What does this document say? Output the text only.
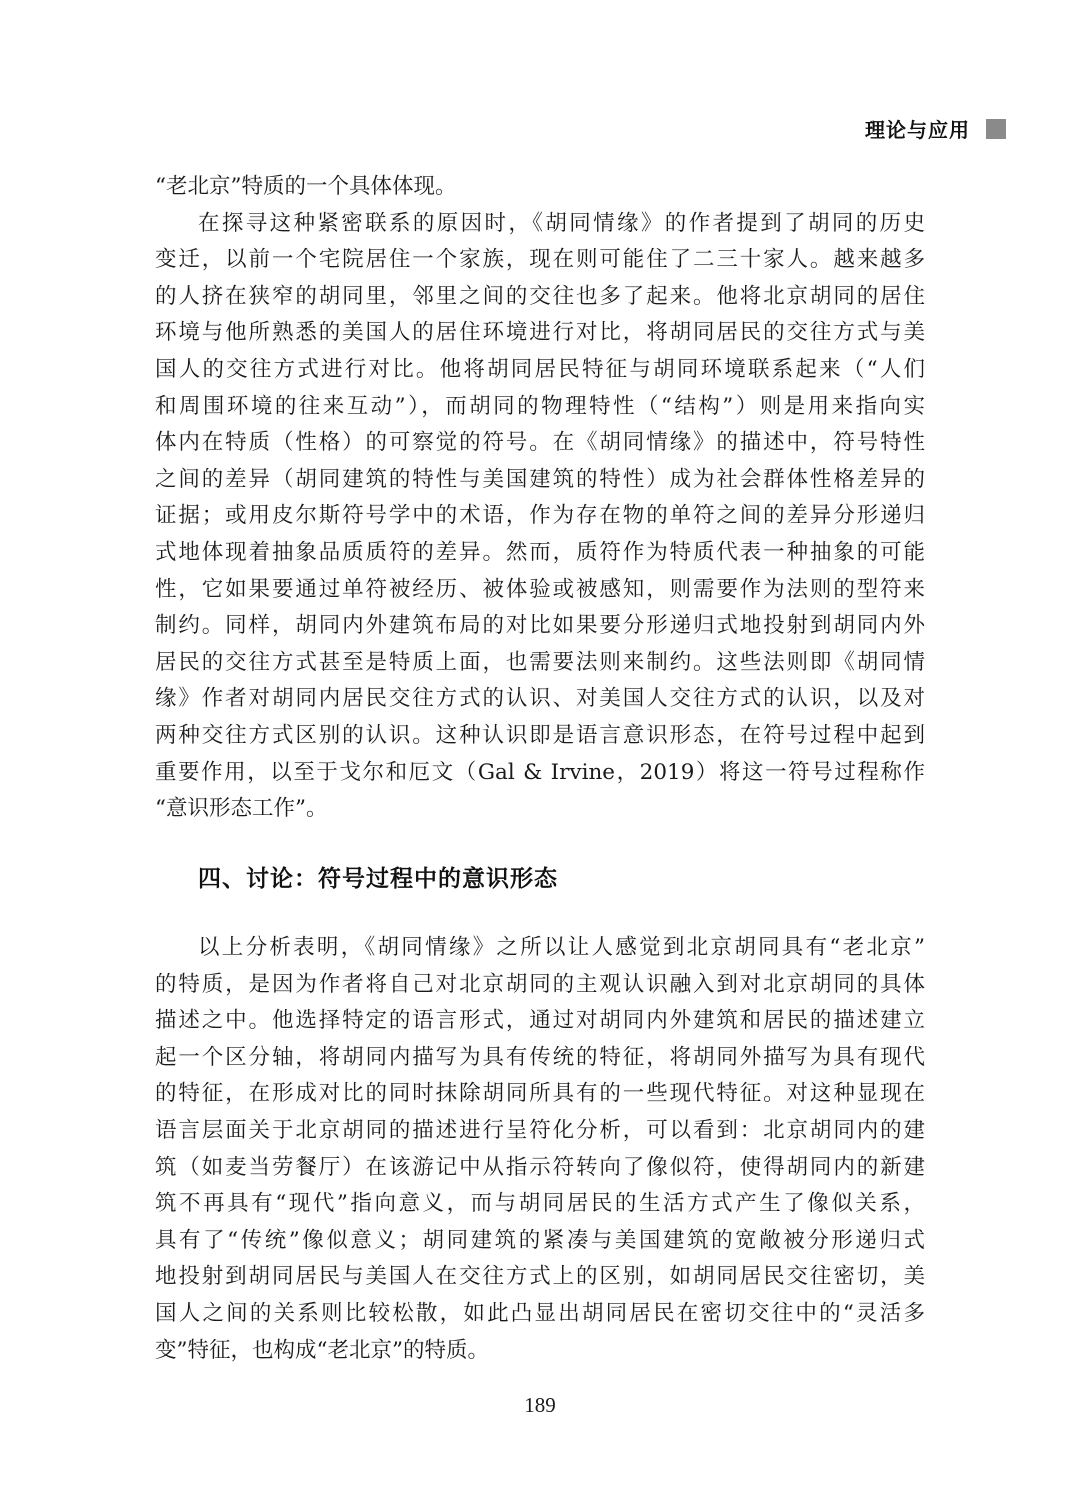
理论与应用
“老北京”特质的一个具体体现。
在探寻这种紧密联系的原因时，《胡同情缘》的作者提到了胡同的历史
变迁，以前一个宅院居住一个家族，现在则可能住了二三十家人。越来越多
的人挤在狭窄的胡同里，邻里之间的交往也多了起来。他将北京胡同的居住
环境与他所熟悉的美国人的居住环境进行对比，将胡同居民的交往方式与美
国人的交往方式进行对比。他将胡同居民特征与胡同环境联系起来（“人们
和周围环境的往来互动”），而胡同的物理特性（“结构”）则是用来指向实
体内在特质（性格）的可察觉的符号。在《胡同情缘》的描述中，符号特性
之间的差异（胡同建筑的特性与美国建筑的特性）成为社会群体性格差异的
证据；或用皮尔斯符号学中的术语，作为存在物的单符之间的差异分形递归
式地体现着抽象品质质符的差异。然而，质符作为特质代表一种抽象的可能
性，它如果要通过单符被经历、被体验或被感知，则需要作为法则的型符来
制约。同样，胡同内外建筑布局的对比如果要分形递归式地投射到胡同内外
居民的交往方式甚至是特质上面，也需要法则来制约。这些法则即《胡同情
缘》作者对胡同内居民交往方式的认识、对美国人交往方式的认识，以及对
两种交往方式区别的认识。这种认识即是语言意识形态，在符号过程中起到
重要作用，以至于戈尔和厄文（Gal & Irvine，2019）将这一符号过程称作
“意识形态工作”。
四、讨论：符号过程中的意识形态
以上分析表明，《胡同情缘》之所以让人感觉到北京胡同具有“老北京”
的特质，是因为作者将自己对北京胡同的主观认识融入到对北京胡同的具体
描述之中。他选择特定的语言形式，通过对胡同内外建筑和居民的描述建立
起一个区分轴，将胡同内描写为具有传统的特征，将胡同外描写为具有现代
的特征，在形成对比的同时抹除胡同所具有的一些现代特征。对这种显现在
语言层面关于北京胡同的描述进行呈符化分析，可以看到：北京胡同内的建
筑（如麦当劳餐厅）在该游记中从指示符转向了像似符，使得胡同内的新建
筑不再具有“现代”指向意义，而与胡同居民的生活方式产生了像似关系，
具有了“传统”像似意义；胡同建筑的紧凑与美国建筑的宽敞被分形递归式
地投射到胡同居民与美国人在交往方式上的区别，如胡同居民交往密切，美
国人之间的关系则比较松散，如此凸显出胡同居民在密切交往中的“灵活多
变”特征，也构成“老北京”的特质。
189
